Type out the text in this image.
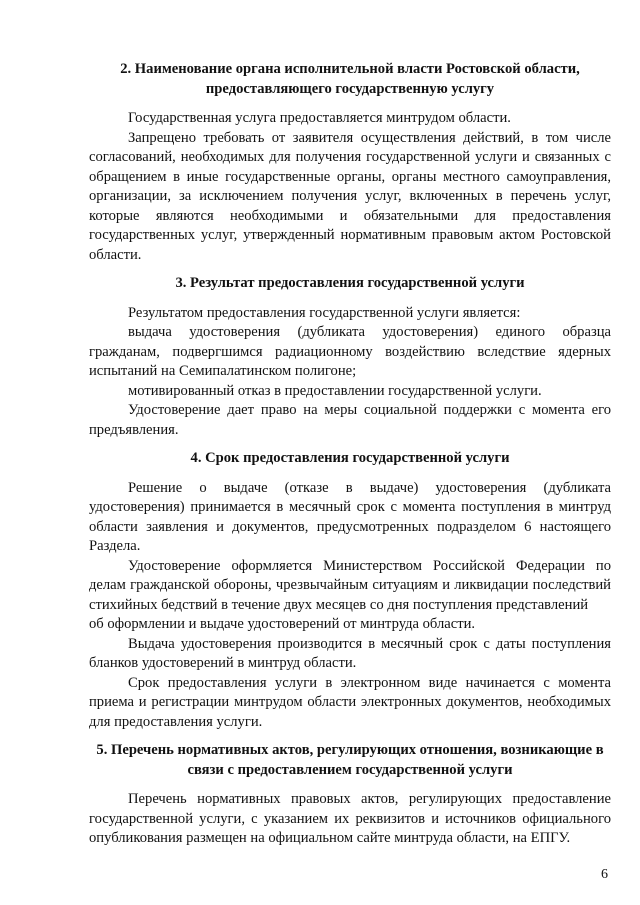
2. Наименование органа исполнительной власти Ростовской области, предоставляющего государственную услугу

Государственная услуга предоставляется минтрудом области.

Запрещено требовать от заявителя осуществления действий, в том числе согласований, необходимых для получения государственной услуги и связанных с обращением в иные государственные органы, органы местного самоуправления, организации, за исключением получения услуг, включенных в перечень услуг, которые являются необходимыми и обязательными для предоставления государственных услуг, утвержденный нормативным правовым актом Ростовской области.

3. Результат предоставления государственной услуги

Результатом предоставления государственной услуги является:

выдача удостоверения (дубликата удостоверения) единого образца гражданам, подвергшимся радиационному воздействию вследствие ядерных испытаний на Семипалатинском полигоне;

мотивированный отказ в предоставлении государственной услуги.

Удостоверение дает право на меры социальной поддержки с момента его предъявления.

4. Срок предоставления государственной услуги

Решение о выдаче (отказе в выдаче) удостоверения (дубликата удостоверения) принимается в месячный срок с момента поступления в минтруд области заявления и документов, предусмотренных подразделом 6 настоящего Раздела.

Удостоверение оформляется Министерством Российской Федерации по делам гражданской обороны, чрезвычайным ситуациям и ликвидации последствий стихийных бедствий в течение двух месяцев со дня поступления представлений

об оформлении и выдаче удостоверений от минтруда области.

Выдача удостоверения производится в месячный срок с даты поступления бланков удостоверений в минтруд области.

Срок предоставления услуги в электронном виде начинается с момента приема и регистрации минтрудом области электронных документов, необходимых для предоставления услуги.

5. Перечень нормативных актов, регулирующих отношения, возникающие в связи с предоставлением государственной услуги

Перечень нормативных правовых актов, регулирующих предоставление государственной услуги, с указанием их реквизитов и источников официального опубликования размещен на официальном сайте минтруда области, на ЕПГУ.

6
